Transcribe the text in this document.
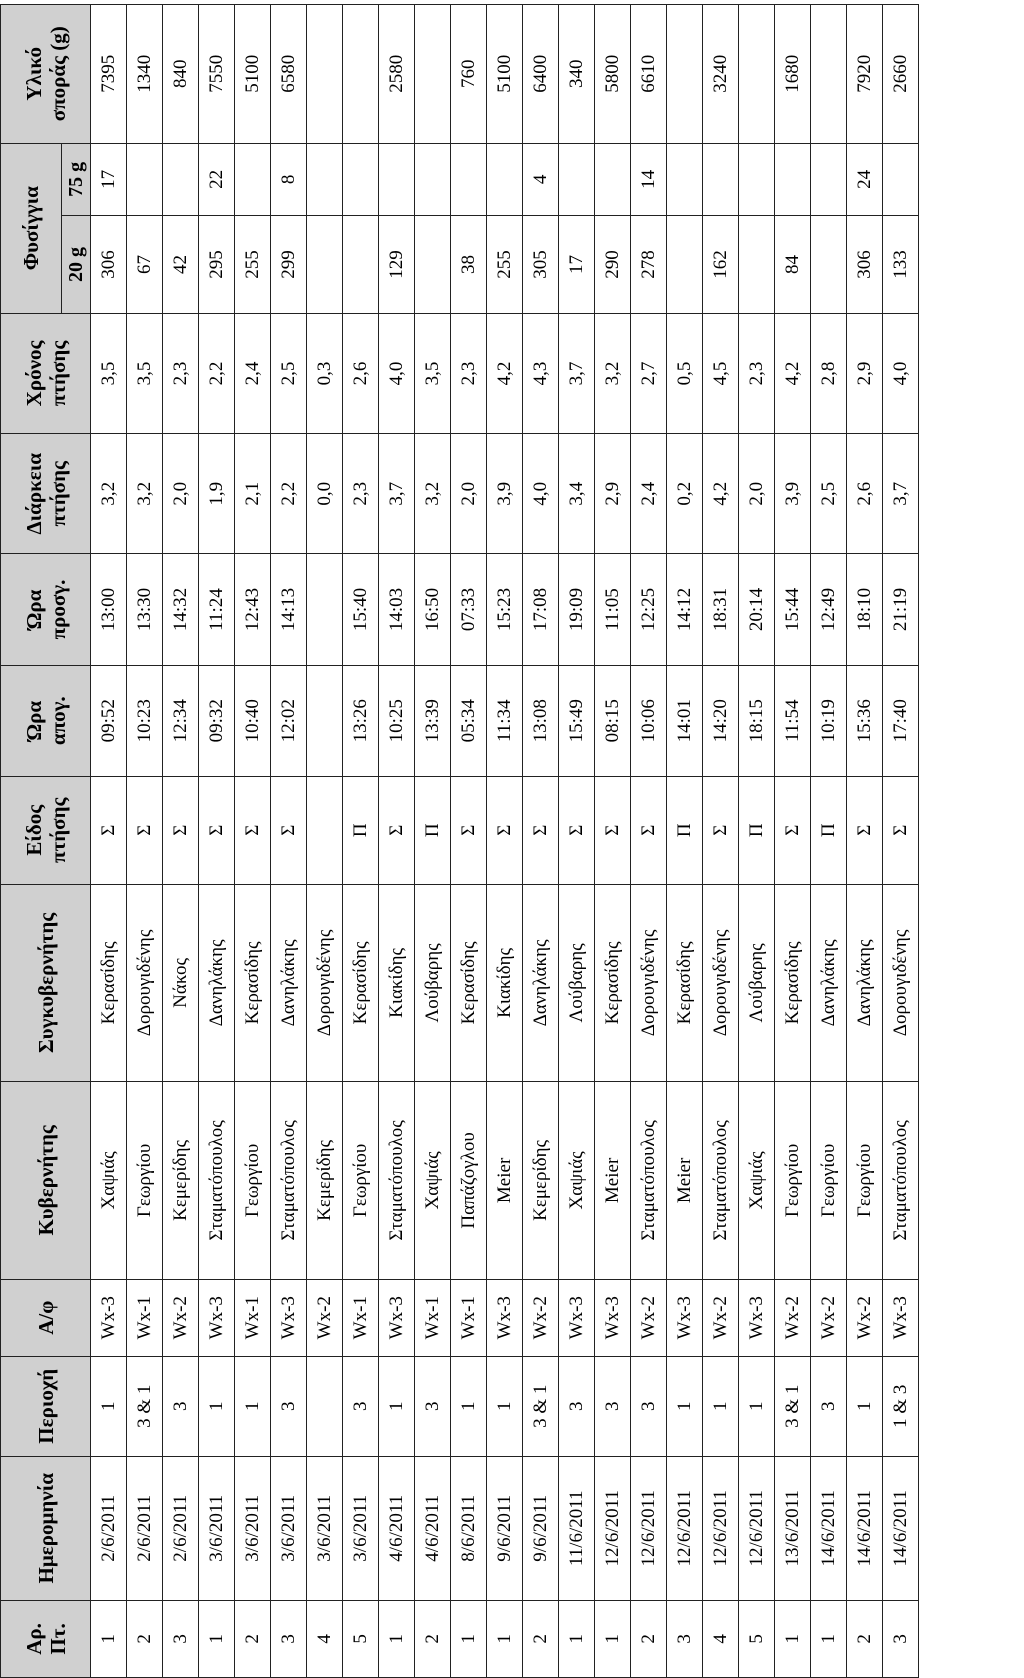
Αρ. Πτ.	Ημερομηνία	Περιοχή	Α/φ	Κυβερνήτης	Συγκυβερνήτης	Είδος πτήσης	Ώρα απογ.	Ώρα προσγ.	Διάρκεια πτήσης	Χρόνος πτήσης	Φυσίγγια		Υλικό σποράς (g)

											20 g	75 g	
1	2/6/2011	1	Wx-3	Χαψιάς	Κερασίδης	Σ	09:52	13:00	3,2	3,5	306	17	7395
2	2/6/2011	3 & 1	Wx-1	Γεωργίου	Δορουγιδένης	Σ	10:23	13:30	3,2	3,5	67		1340
3	2/6/2011	3	Wx-2	Κεμερίδης	Νάκος	Σ	12:34	14:32	2,0	2,3	42		840
1	3/6/2011	1	Wx-3	Σταματόπουλος	Δανηλάκης	Σ	09:32	11:24	1,9	2,2	295	22	7550
2	3/6/2011	1	Wx-1	Γεωργίου	Κερασίδης	Σ	10:40	12:43	2,1	2,4	255		5100
3	3/6/2011	3	Wx-3	Σταματόπουλος	Δανηλάκης	Σ	12:02	14:13	2,2	2,5	299	8	6580
4	3/6/2011		Wx-2	Κεμερίδης	Δορουγιδένης				0,0	0,3			
5	3/6/2011	3	Wx-1	Γεωργίου	Κερασίδης	Π	13:26	15:40	2,3	2,6			
1	4/6/2011	1	Wx-3	Σταματόπουλος	Κιακίδης	Σ	10:25	14:03	3,7	4,0	129		2580
2	4/6/2011	3	Wx-1	Χαψιάς	Λούβαρης	Π	13:39	16:50	3,2	3,5			
1	8/6/2011	1	Wx-1	Παπάζογλου	Κερασίδης	Σ	05:34	07:33	2,0	2,3	38		760
1	9/6/2011	1	Wx-3	Meier	Κιακίδης	Σ	11:34	15:23	3,9	4,2	255		5100
2	9/6/2011	3 & 1	Wx-2	Κεμερίδης	Δανηλάκης	Σ	13:08	17:08	4,0	4,3	305	4	6400
1	11/6/2011	3	Wx-3	Χαψιάς	Λούβαρης	Σ	15:49	19:09	3,4	3,7	17		340
1	12/6/2011	3	Wx-3	Meier	Κερασίδης	Σ	08:15	11:05	2,9	3,2	290		5800
2	12/6/2011	3	Wx-2	Σταματόπουλος	Δορουγιδένης	Σ	10:06	12:25	2,4	2,7	278	14	6610
3	12/6/2011	1	Wx-3	Meier	Κερασίδης	Π	14:01	14:12	0,2	0,5			
4	12/6/2011	1	Wx-2	Σταματόπουλος	Δορουγιδένης	Σ	14:20	18:31	4,2	4,5	162		3240
5	12/6/2011	1	Wx-3	Χαψιάς	Λούβαρης	Π	18:15	20:14	2,0	2,3			
1	13/6/2011	3 & 1	Wx-2	Γεωργίου	Κερασίδης	Σ	11:54	15:44	3,9	4,2	84		1680
1	14/6/2011	3	Wx-2	Γεωργίου	Δανηλάκης	Π	10:19	12:49	2,5	2,8			
2	14/6/2011	1	Wx-2	Γεωργίου	Δανηλάκης	Σ	15:36	18:10	2,6	2,9	306	24	7920
3	14/6/2011	1 & 3	Wx-3	Σταματόπουλος	Δορουγιδένης	Σ	17:40	21:19	3,7	4,0	133		2660
